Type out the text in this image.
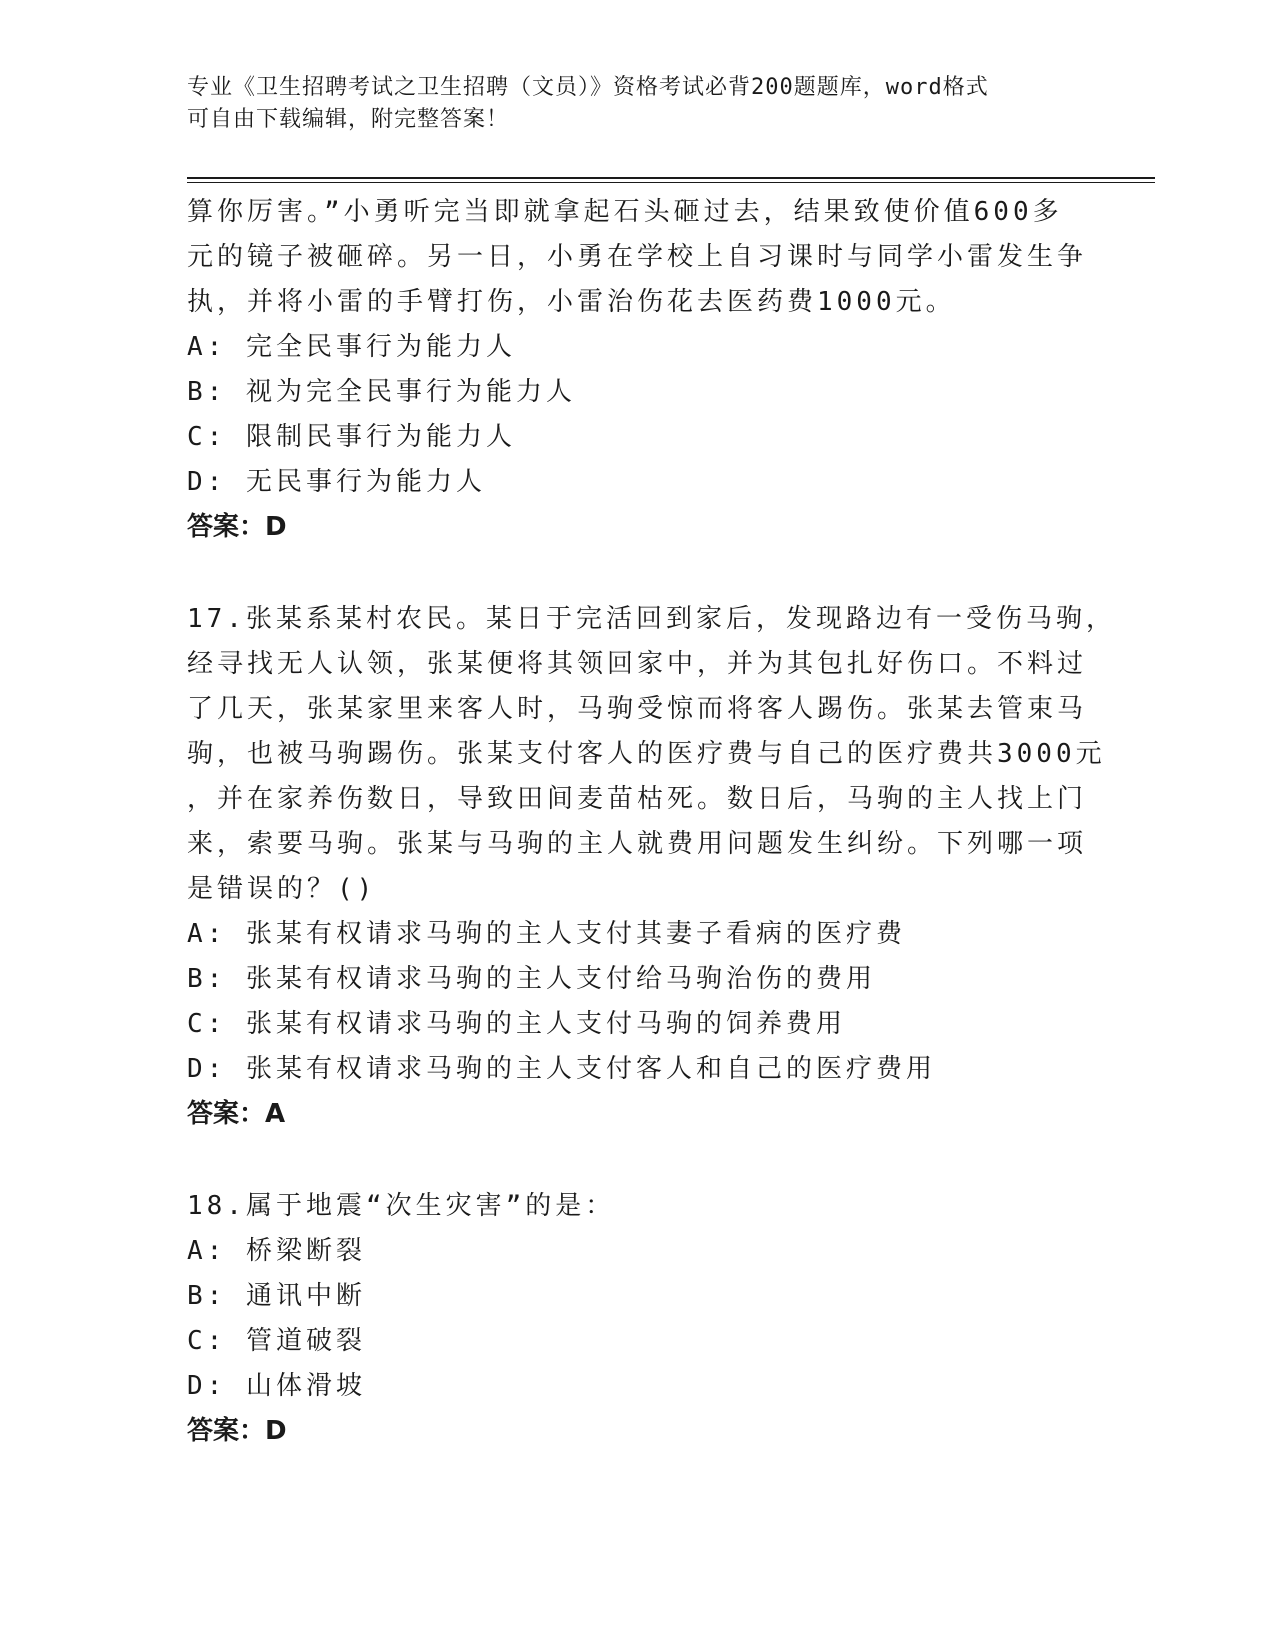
专业《卫生招聘考试之卫生招聘（文员）》资格考试必背200题题库，word格式
可自由下载编辑，附完整答案！
算你厉害。”小勇听完当即就拿起石头砸过去，结果致使价值600多
元的镜子被砸碎。另一日，小勇在学校上自习课时与同学小雷发生争
执，并将小雷的手臂打伤，小雷治伤花去医药费1000元。
A: 完全民事行为能力人
B: 视为完全民事行为能力人
C: 限制民事行为能力人
D: 无民事行为能力人
答案：D
17.张某系某村农民。某日于完活回到家后，发现路边有一受伤马驹，
经寻找无人认领，张某便将其领回家中，并为其包扎好伤口。不料过
了几天，张某家里来客人时，马驹受惊而将客人踢伤。张某去管束马
驹，也被马驹踢伤。张某支付客人的医疗费与自己的医疗费共3000元
，并在家养伤数日，导致田间麦苗枯死。数日后，马驹的主人找上门
来，索要马驹。张某与马驹的主人就费用问题发生纠纷。下列哪一项
是错误的？()
A: 张某有权请求马驹的主人支付其妻子看病的医疗费
B: 张某有权请求马驹的主人支付给马驹治伤的费用
C: 张某有权请求马驹的主人支付马驹的饲养费用
D: 张某有权请求马驹的主人支付客人和自己的医疗费用
答案：A
18.属于地震“次生灾害”的是：
A: 桥梁断裂
B: 通讯中断
C: 管道破裂
D: 山体滑坡
答案：D
